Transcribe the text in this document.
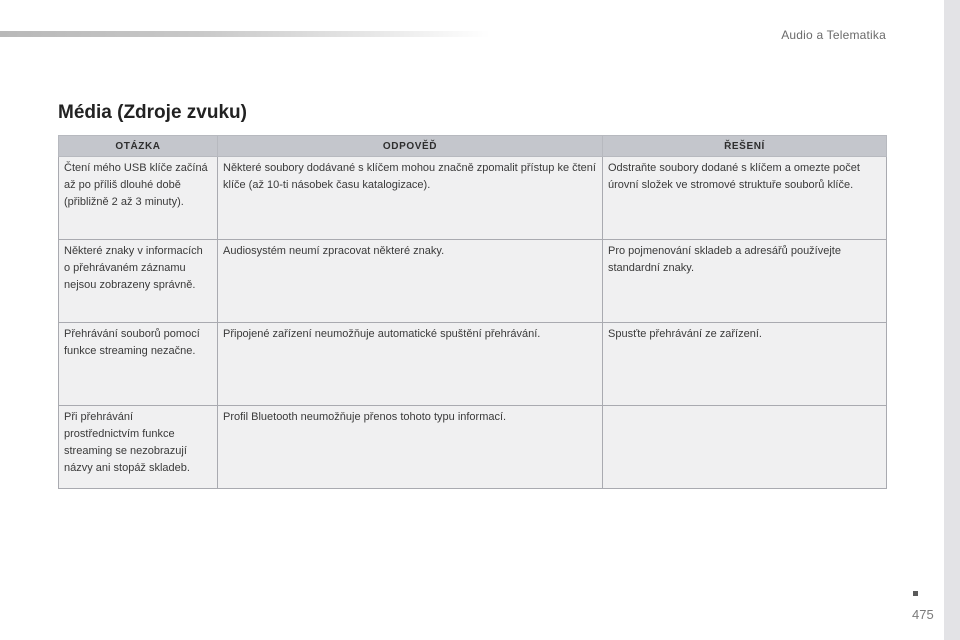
Audio a Telematika
Média (Zdroje zvuku)
OTÁZKA	ODPOVĚĎ	ŘEŠENÍ
Čtení mého USB klíče začíná až po příliš dlouhé době (přibližně 2 až 3 minuty).	Některé soubory dodávané s klíčem mohou značně zpomalit přístup ke čtení klíče (až 10-ti násobek času katalogizace).	Odstraňte soubory dodané s klíčem a omezte počet úrovní složek ve stromové struktuře souborů klíče.
Některé znaky v informacích o přehrávaném záznamu nejsou zobrazeny správně.	Audiosystém neumí zpracovat některé znaky.	Pro pojmenování skladeb a adresářů používejte standardní znaky.
Přehrávání souborů pomocí funkce streaming nezačne.	Připojené zařízení neumožňuje automatické spuštění přehrávání.	Spusťte přehrávání ze zařízení.
Při přehrávání prostřednictvím funkce streaming se nezobrazují názvy ani stopáž skladeb.	Profil Bluetooth neumožňuje přenos tohoto typu informací.	
475
